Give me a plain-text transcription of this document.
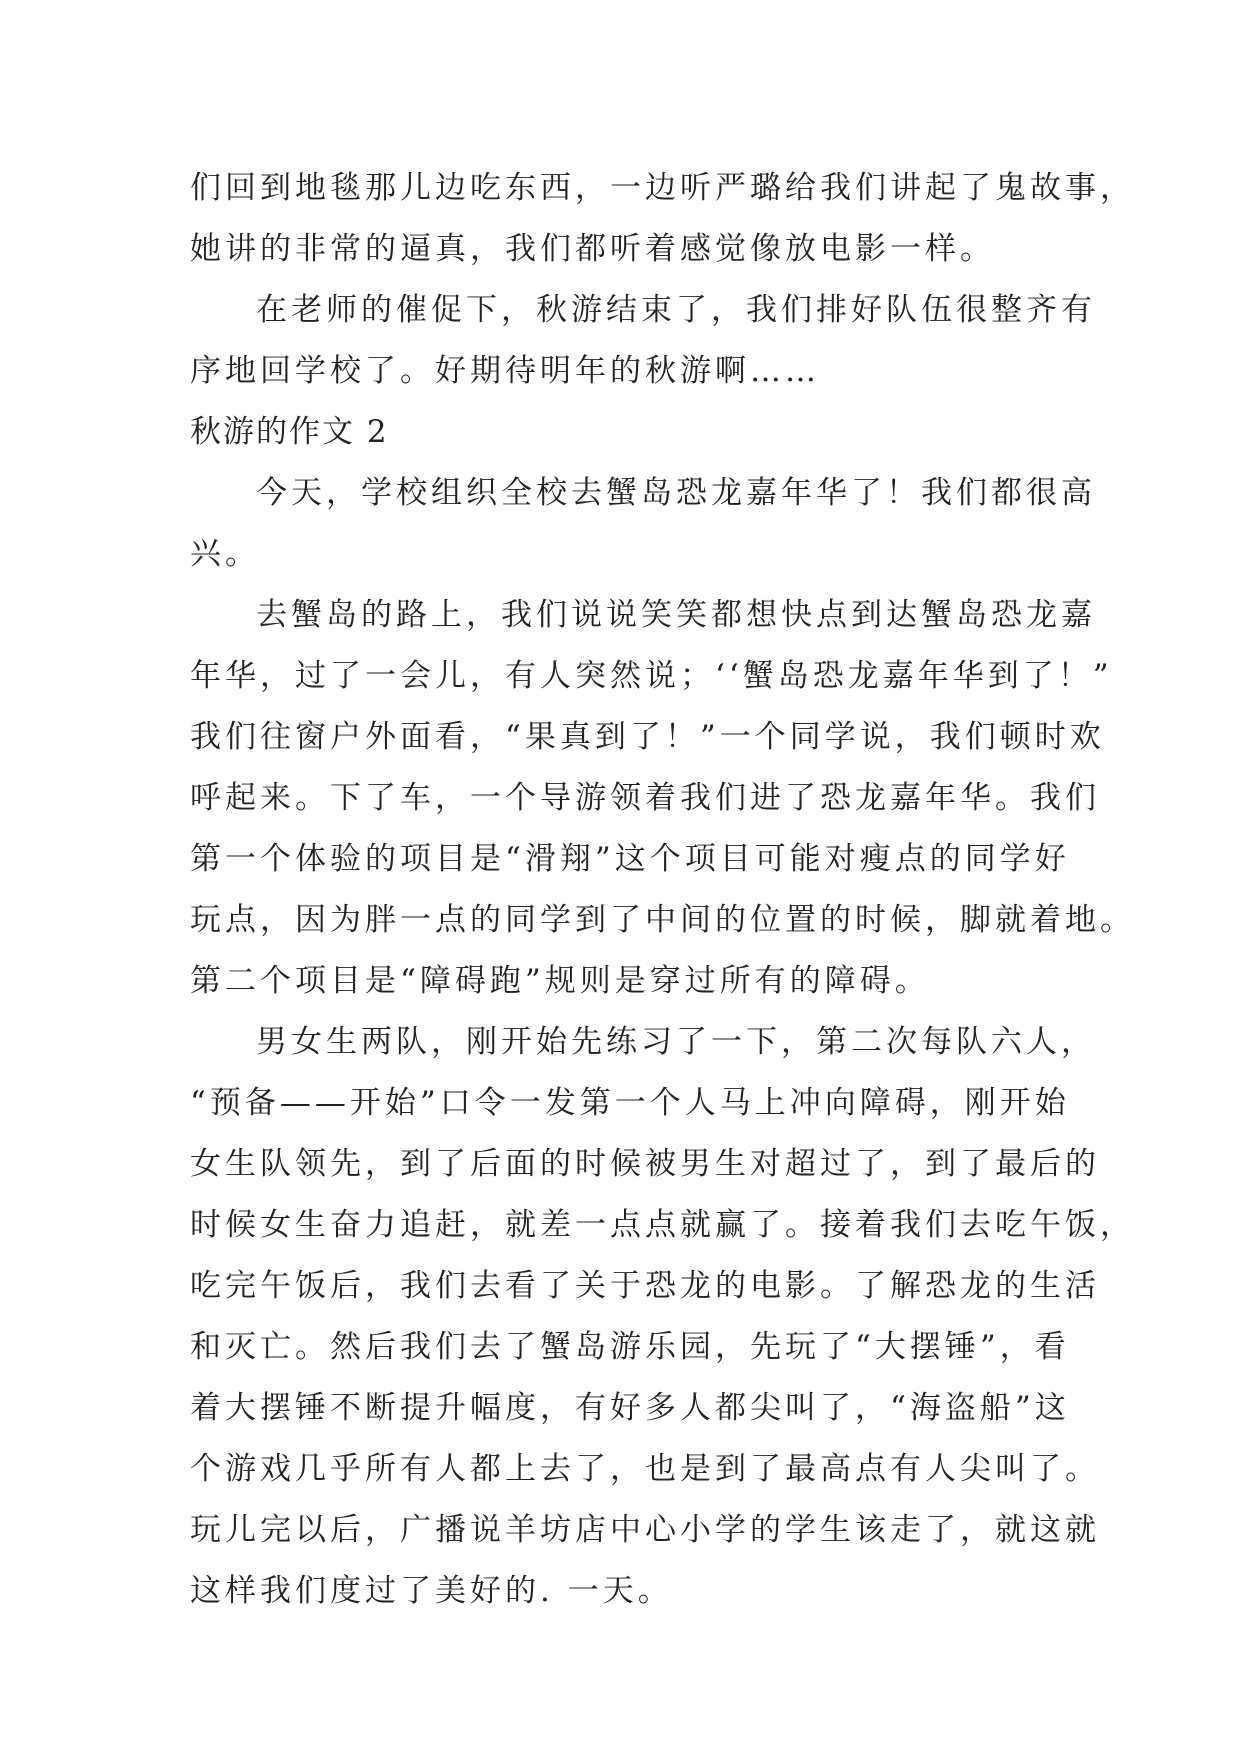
们回到地毯那儿边吃东西，一边听严璐给我们讲起了鬼故事，
她讲的非常的逼真，我们都听着感觉像放电影一样。
在老师的催促下，秋游结束了，我们排好队伍很整齐有
序地回学校了。好期待明年的秋游啊……
秋游的作文 2
今天，学校组织全校去蟹岛恐龙嘉年华了！我们都很高
兴。
去蟹岛的路上，我们说说笑笑都想快点到达蟹岛恐龙嘉
年华，过了一会儿，有人突然说；‘‘蟹岛恐龙嘉年华到了！”
我们往窗户外面看，“果真到了！”一个同学说，我们顿时欢
呼起来。下了车，一个导游领着我们进了恐龙嘉年华。我们
第一个体验的项目是“滑翔”这个项目可能对瘦点的同学好
玩点，因为胖一点的同学到了中间的位置的时候，脚就着地。
第二个项目是“障碍跑”规则是穿过所有的障碍。
男女生两队，刚开始先练习了一下，第二次每队六人，
“预备——开始”口令一发第一个人马上冲向障碍，刚开始
女生队领先，到了后面的时候被男生对超过了，到了最后的
时候女生奋力追赶，就差一点点就赢了。接着我们去吃午饭，
吃完午饭后，我们去看了关于恐龙的电影。了解恐龙的生活
和灭亡。然后我们去了蟹岛游乐园，先玩了“大摆锤”，看
着大摆锤不断提升幅度，有好多人都尖叫了，“海盗船”这
个游戏几乎所有人都上去了，也是到了最高点有人尖叫了。
玩儿完以后，广播说羊坊店中心小学的学生该走了，就这就
这样我们度过了美好的. 一天。
